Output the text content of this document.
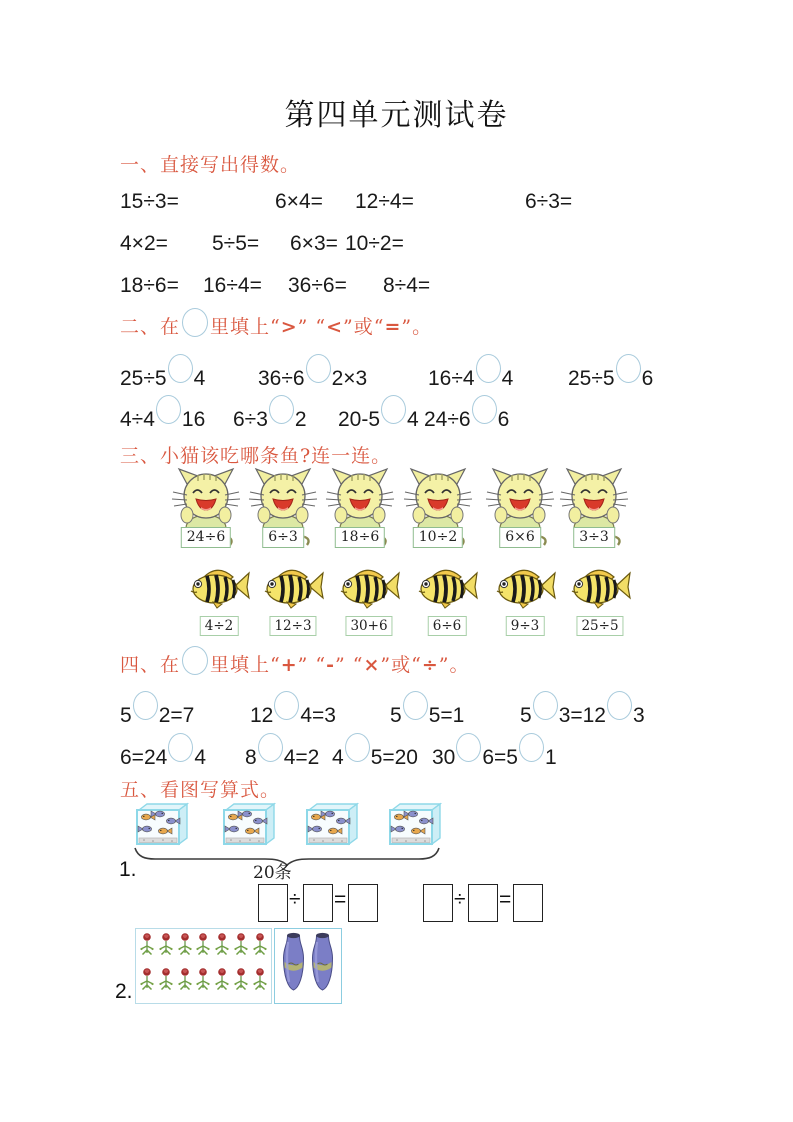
第四单元测试卷
一、直接写出得数。
15÷3=	6×4= 12÷4=	6÷3=
4×2= 5÷5= 6×3= 10÷2=
18÷6= 16÷4= 36÷6= 8÷4=
二、在 里填上“>” “<”或“=”。
25÷5 4	36÷6 2×3	16÷4 4	25÷5 6
4÷4 16 6÷3 2 20-5 4 24÷6 6
三、小猫该吃哪条鱼?连一连。
24÷6	6÷3	18÷6	10÷2	6×6	3÷3
4÷2	12÷3	30+6	6÷6	9÷3	25÷5
四、在 里填上“+” “-” “×”或“÷”。
5 2=7	12 4=3	5 5=1	5 3=12 3
6=24 4 8 4=2 4 5=20 30 6=5 1
五、看图写算式。
20条
1.
÷ =	÷ =
2.
